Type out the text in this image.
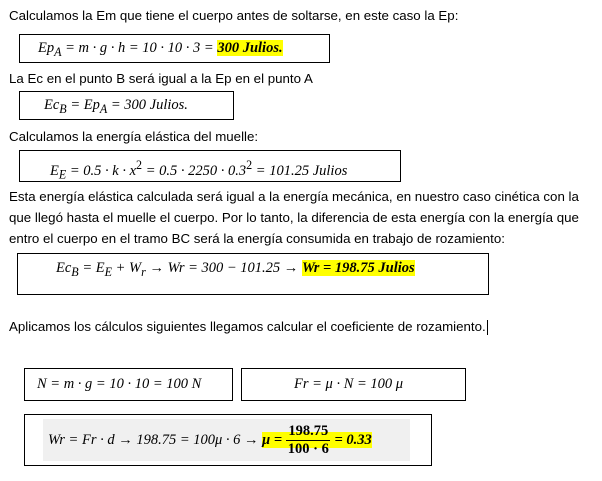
Calculamos la Em que tiene el cuerpo antes de soltarse, en este caso la Ep:
$Ep_A = m \cdot g \cdot h = 10 \cdot 10 \cdot 3 = 300$ Julios.
La Ec en el punto B será igual a la Ep en el punto A
$Ec_B = Ep_A = 300$ Julios.
Calculamos la energía elástica del muelle:
$E_E = 0.5 \cdot k \cdot x^2 = 0.5 \cdot 2250 \cdot 0.3^2 = 101.25$ Julios
Esta energía elástica calculada será igual a la energía mecánica, en nuestro caso cinética con la que llegó hasta el muelle el cuerpo. Por lo tanto, la diferencia de esta energía con la energía que entro el cuerpo en el tramo BC será la energía consumida en trabajo de rozamiento:
$Ec_B = E_E + W_r \to Wr = 300 - 101.25 \to Wr = 198.75$ Julios
Aplicamos los cálculos siguientes llegamos calcular el coeficiente de rozamiento.
N = m · g = 10 · 10 = 100 N	Fr = μ · N = 100 μ
$Wr = Fr \cdot d \to 198.75 = 100\mu \cdot 6 \to \mu = \frac{198.75}{100 \cdot 6} = 0.33$
